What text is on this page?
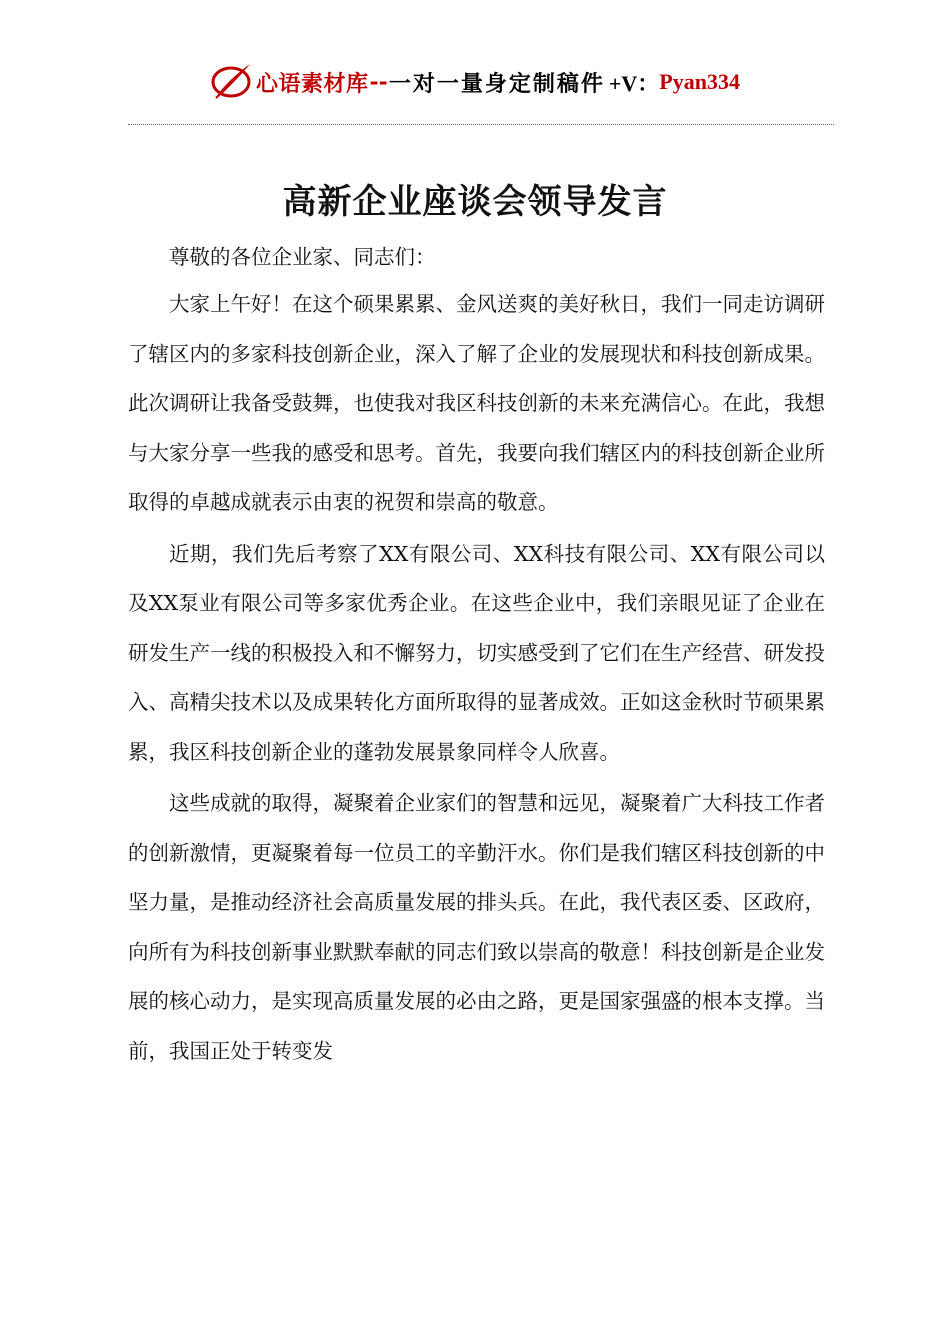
心语素材库 -- 一对一量身定制稿件 +V： Pyan334
高新企业座谈会领导发言

尊敬的各位企业家、同志们：

大家上午好！在这个硕果累累、金风送爽的美好秋日，我们一同走访调研了辖区内的多家科技创新企业，深入了解了企业的发展现状和科技创新成果。此次调研让我备受鼓舞，也使我对我区科技创新的未来充满信心。在此，我想与大家分享一些我的感受和思考。首先，我要向我们辖区内的科技创新企业所取得的卓越成就表示由衷的祝贺和崇高的敬意。

近期，我们先后考察了XX有限公司、XX科技有限公司、XX有限公司以及XX泵业有限公司等多家优秀企业。在这些企业中，我们亲眼见证了企业在研发生产一线的积极投入和不懈努力，切实感受到了它们在生产经营、研发投入、高精尖技术以及成果转化方面所取得的显著成效。正如这金秋时节硕果累累，我区科技创新企业的蓬勃发展景象同样令人欣喜。

这些成就的取得，凝聚着企业家们的智慧和远见，凝聚着广大科技工作者的创新激情，更凝聚着每一位员工的辛勤汗水。你们是我们辖区科技创新的中坚力量，是推动经济社会高质量发展的排头兵。在此，我代表区委、区政府，向所有为科技创新事业默默奉献的同志们致以崇高的敬意！科技创新是企业发展的核心动力，是实现高质量发展的必由之路，更是国家强盛的根本支撑。当前，我国正处于转变发
